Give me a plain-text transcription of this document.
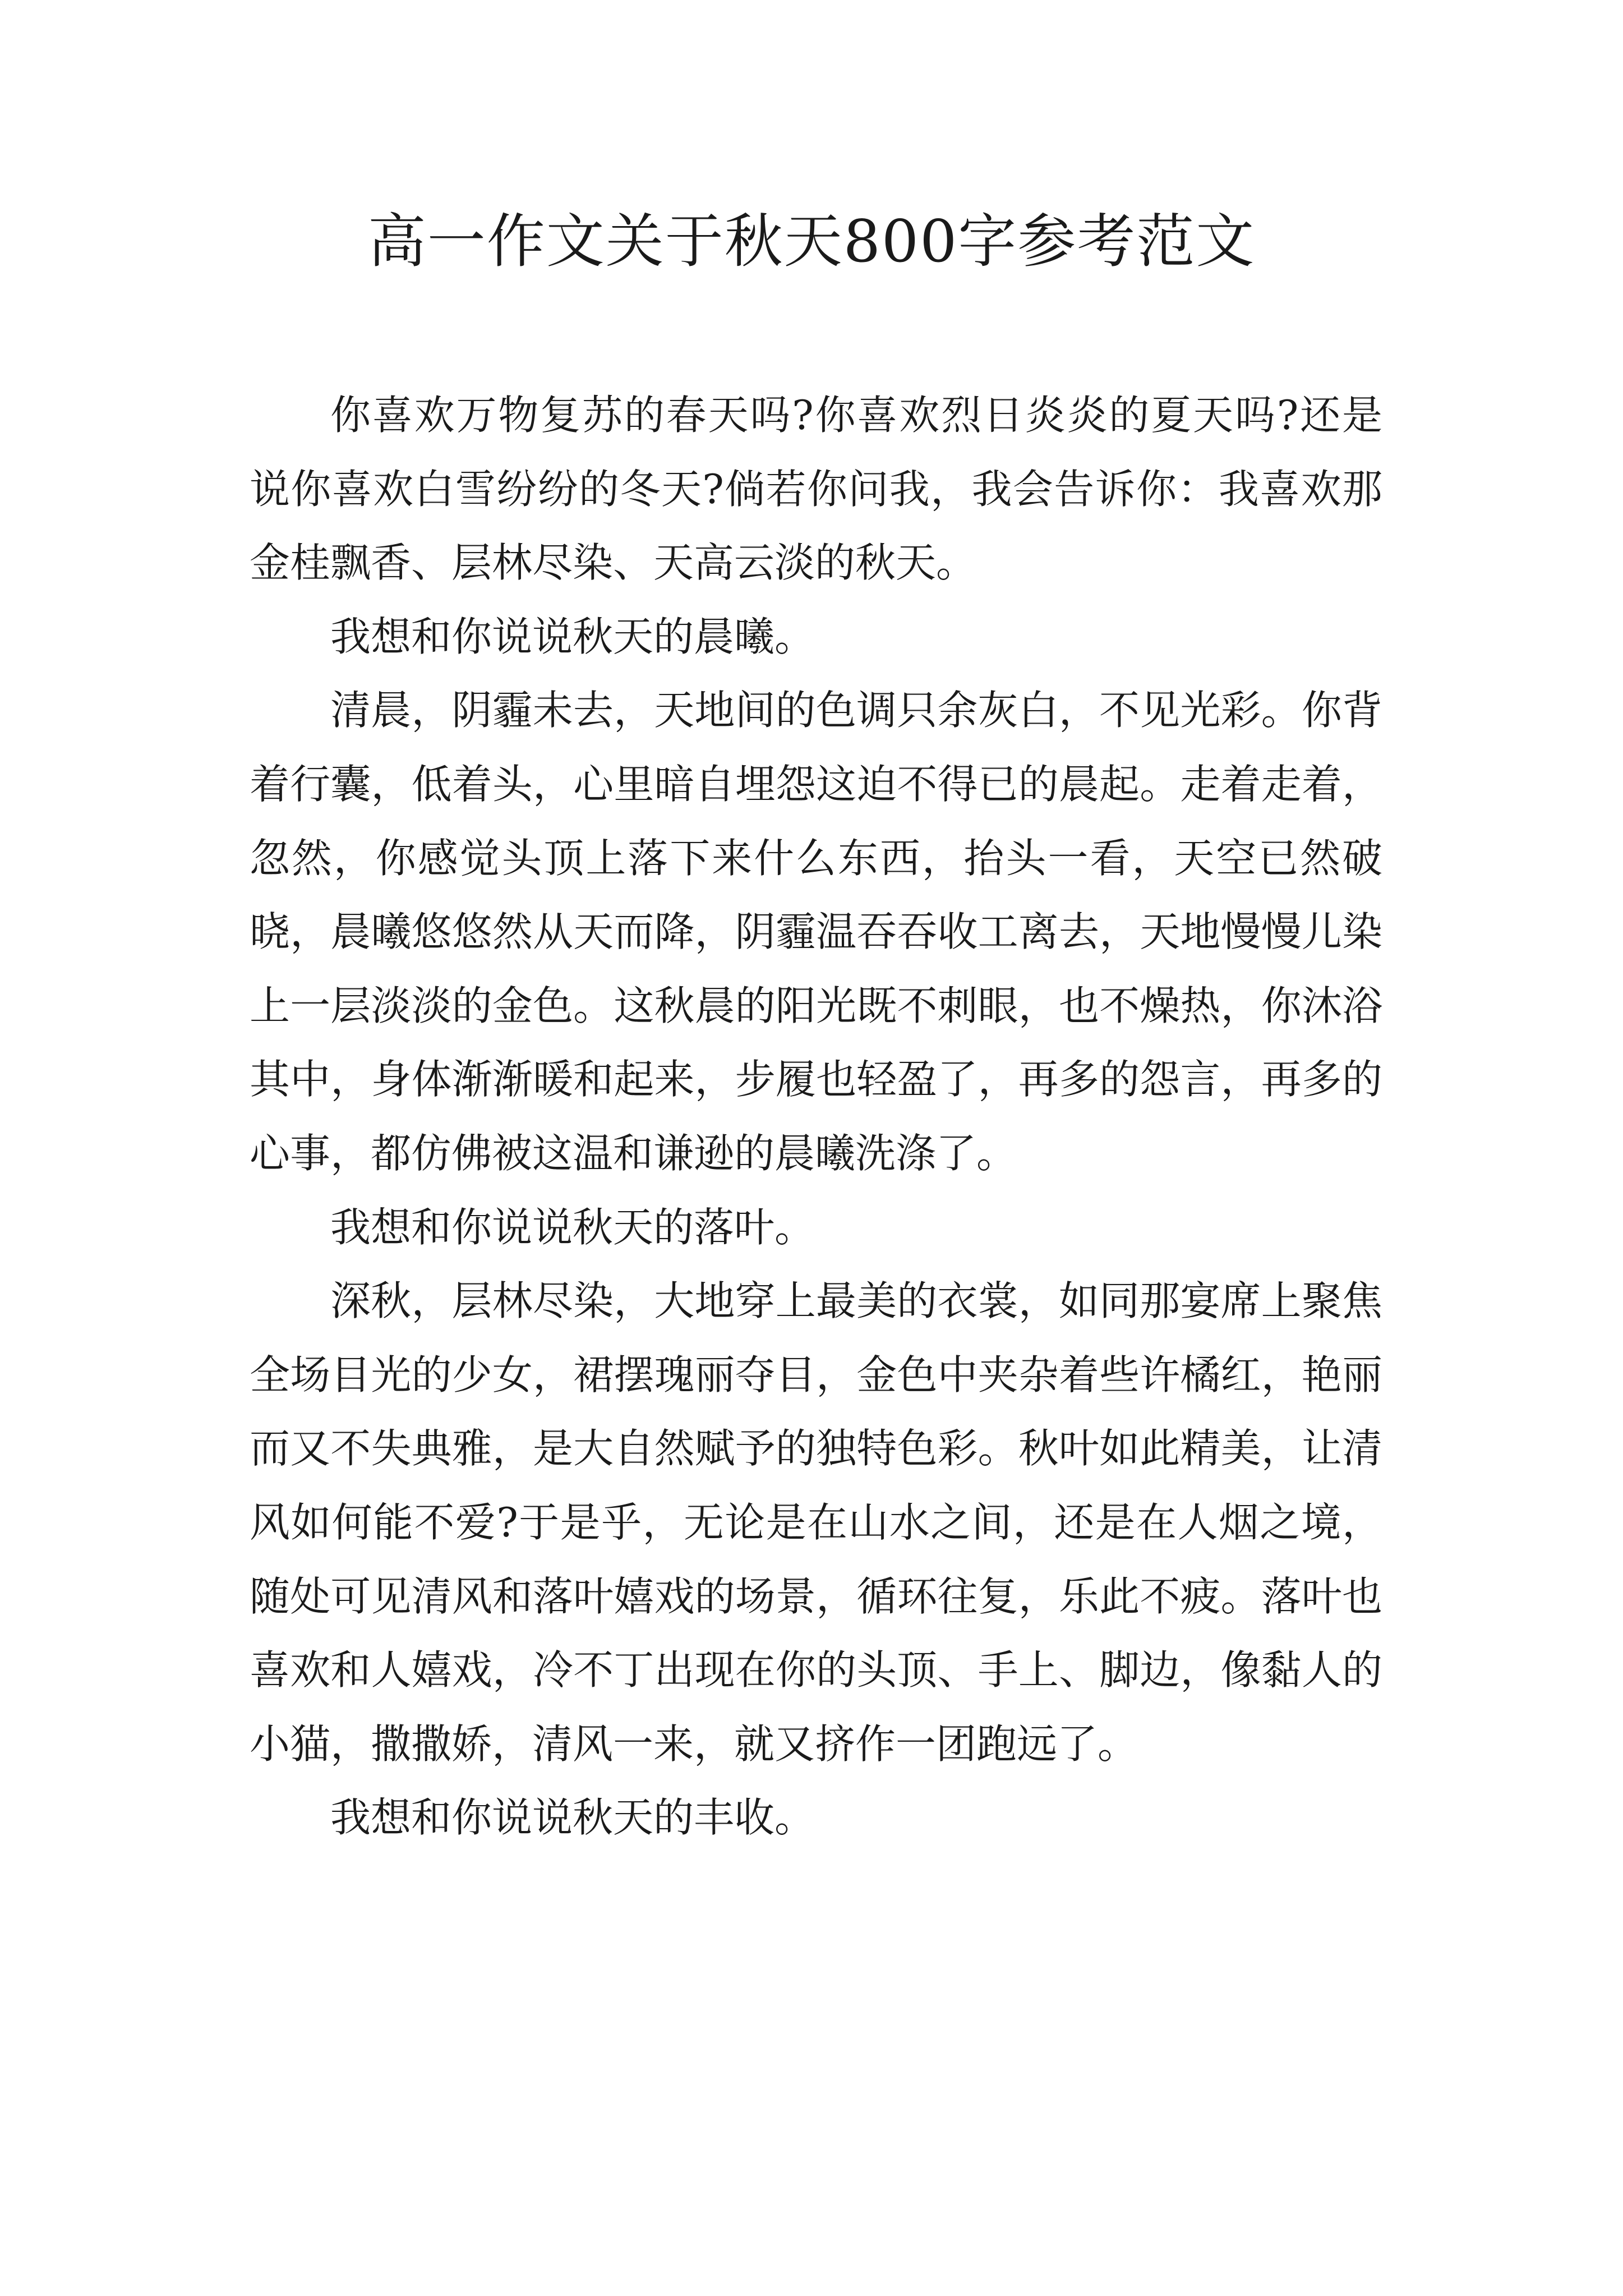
高一作文关于秋天800字参考范文

你喜欢万物复苏的春天吗?你喜欢烈日炎炎的夏天吗?还是说你喜欢白雪纷纷的冬天?倘若你问我，我会告诉你：我喜欢那金桂飘香、层林尽染、天高云淡的秋天。

我想和你说说秋天的晨曦。

清晨，阴霾未去，天地间的色调只余灰白，不见光彩。你背着行囊，低着头，心里暗自埋怨这迫不得已的晨起。走着走着，忽然，你感觉头顶上落下来什么东西，抬头一看，天空已然破晓，晨曦悠悠然从天而降，阴霾温吞吞收工离去，天地慢慢儿染上一层淡淡的金色。这秋晨的阳光既不刺眼，也不燥热，你沐浴其中，身体渐渐暖和起来，步履也轻盈了，再多的怨言，再多的心事，都仿佛被这温和谦逊的晨曦洗涤了。

我想和你说说秋天的落叶。

深秋，层林尽染，大地穿上最美的衣裳，如同那宴席上聚焦全场目光的少女，裙摆瑰丽夺目，金色中夹杂着些许橘红，艳丽而又不失典雅，是大自然赋予的独特色彩。秋叶如此精美，让清风如何能不爱?于是乎，无论是在山水之间，还是在人烟之境，随处可见清风和落叶嬉戏的场景，循环往复，乐此不疲。落叶也喜欢和人嬉戏，冷不丁出现在你的头顶、手上、脚边，像黏人的小猫，撒撒娇，清风一来，就又挤作一团跑远了。

我想和你说说秋天的丰收。
